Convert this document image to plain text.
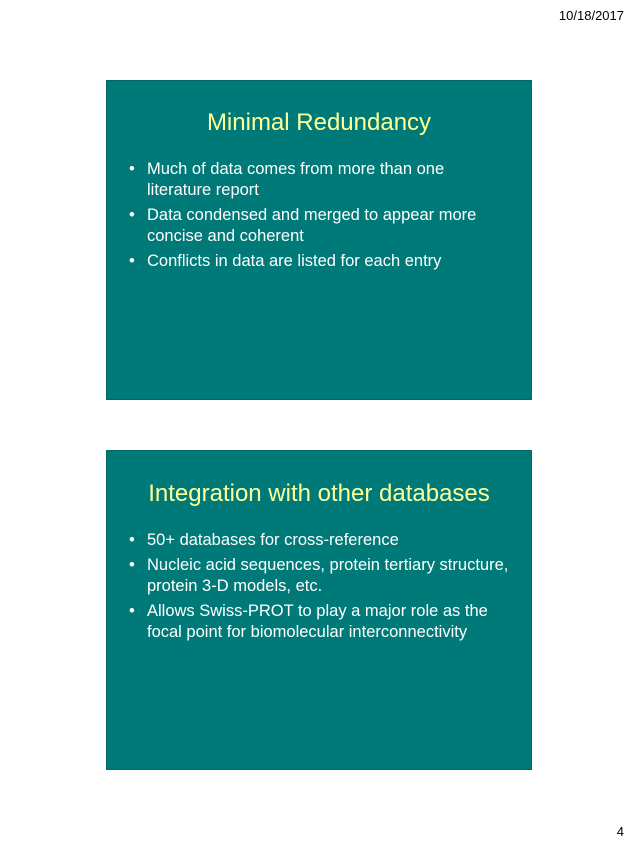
10/18/2017
Minimal Redundancy
• Much of data comes from more than one literature report
• Data condensed and merged to appear more concise and coherent
• Conflicts in data are listed for each entry
Integration with other databases
• 50+ databases for cross-reference
• Nucleic acid sequences, protein tertiary structure, protein 3-D models, etc.
• Allows Swiss-PROT to play a major role as the focal point for biomolecular interconnectivity
4
